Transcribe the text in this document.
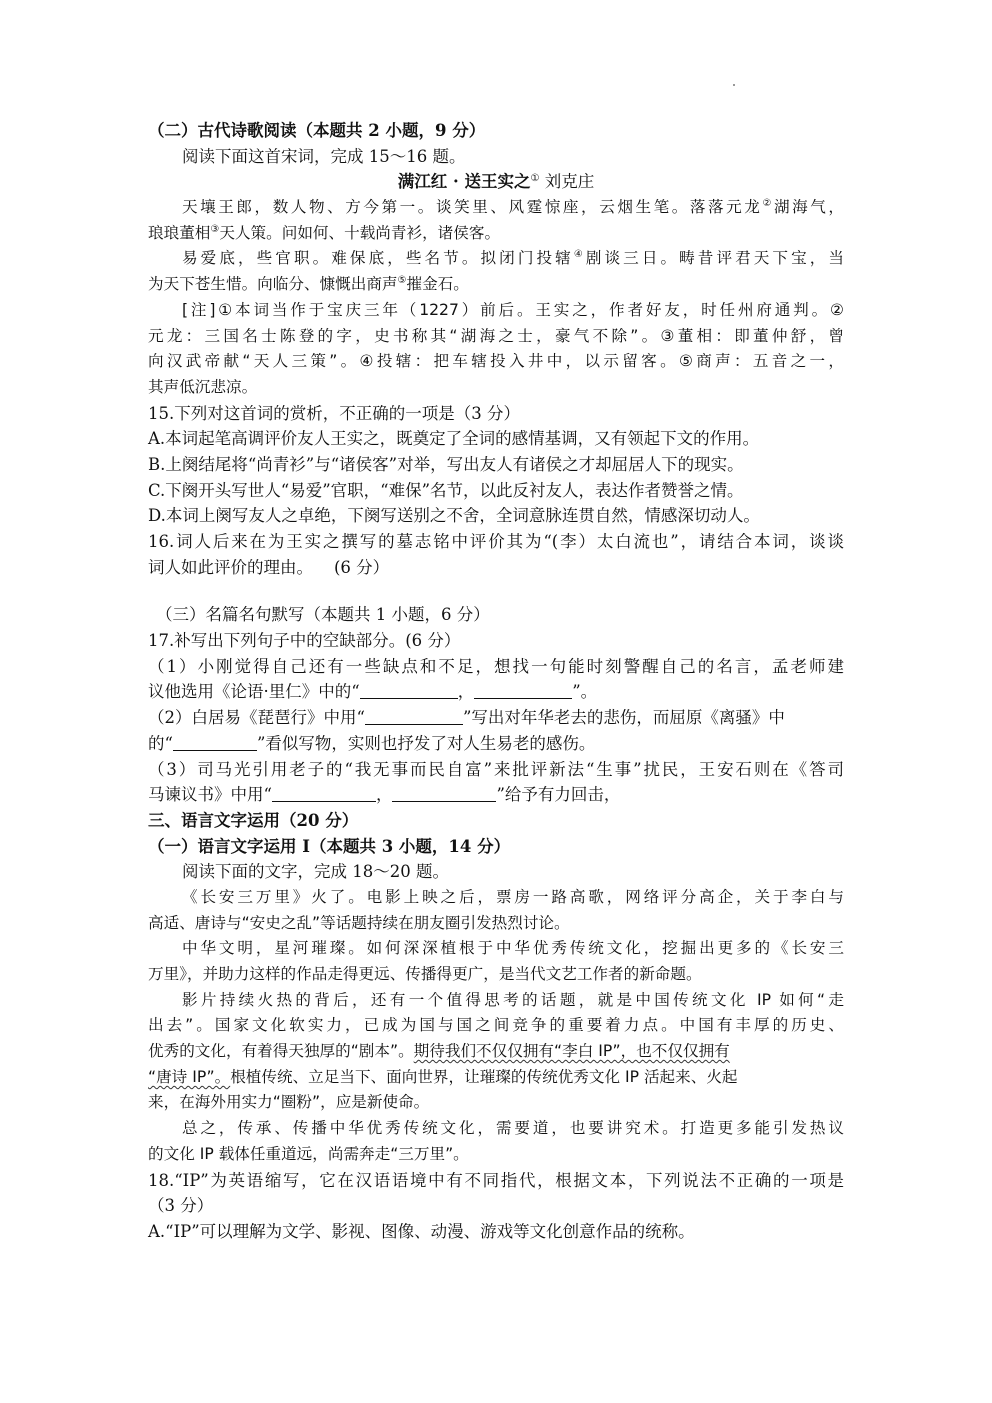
（二）古代诗歌阅读（本题共 2 小题，9 分）
阅读下面这首宋词，完成 15～16 题。
满江红 · 送王实之① 刘克庄
天壤王郎，数人物、方今第一。谈笑里、风霆惊座，云烟生笔。落落元龙②湖海气，
琅琅董相③天人策。问如何、十载尚青衫，诸侯客。
易爱底，些官职。难保底，些名节。拟闭门投辖④剧谈三日。畴昔评君天下宝，当
为天下苍生惜。向临分、慷慨出商声⑤摧金石。
[注]①本词当作于宝庆三年（1227）前后。王实之，作者好友，时任州府通判。②
元龙：三国名士陈登的字，史书称其“湖海之士，豪气不除”。③董相：即董仲舒，曾
向汉武帝献“天人三策”。④投辖：把车辖投入井中，以示留客。⑤商声：五音之一，
其声低沉悲凉。
15.下列对这首词的赏析，不正确的一项是（3 分）
A.本词起笔高调评价友人王实之，既奠定了全词的感情基调，又有领起下文的作用。
B.上阕结尾将“尚青衫”与“诸侯客”对举，写出友人有诸侯之才却屈居人下的现实。
C.下阕开头写世人“易爱”官职，“难保”名节，以此反衬友人，表达作者赞誉之情。
D.本词上阕写友人之卓绝，下阕写送别之不舍，全词意脉连贯自然，情感深切动人。
16.词人后来在为王实之撰写的墓志铭中评价其为“(李）太白流也”，请结合本词，谈谈
词人如此评价的理由。 (6 分）
（三）名篇名句默写（本题共 1 小题，6 分）
17.补写出下列句子中的空缺部分。(6 分）
（1）小刚觉得自己还有一些缺点和不足，想找一句能时刻警醒自己的名言，孟老师建
议他选用《论语·里仁》中的“	，	”。
（2）白居易《琵琶行》中用“	”写出对年华老去的悲伤，而屈原《离骚》中
的“	”看似写物，实则也抒发了对人生易老的感伤。
（3）司马光引用老子的“我无事而民自富”来批评新法“生事”扰民，王安石则在《答司
马谏议书》中用“	，	”给予有力回击，
三、语言文字运用（20 分）
（一）语言文字运用 Ⅰ（本题共 3 小题，14 分）
阅读下面的文字，完成 18～20 题。
《长安三万里》火了。电影上映之后，票房一路高歌，网络评分高企，关于李白与
高适、唐诗与“安史之乱”等话题持续在朋友圈引发热烈讨论。
中华文明，星河璀璨。如何深深植根于中华优秀传统文化，挖掘出更多的《长安三
万里》，并助力这样的作品走得更远、传播得更广，是当代文艺工作者的新命题。
影片持续火热的背后，还有一个值得思考的话题，就是中国传统文化 IP 如何“走
出去”。国家文化软实力，已成为国与国之间竞争的重要着力点。中国有丰厚的历史、
优秀的文化，有着得天独厚的“剧本”。期待我们不仅仅拥有“李白 IP”，也不仅仅拥有
“唐诗 IP”。根植传统、立足当下、面向世界，让璀璨的传统优秀文化 IP 活起来、火起
来，在海外用实力“圈粉”，应是新使命。
总之，传承、传播中华优秀传统文化，需要道，也要讲究术。打造更多能引发热议
的文化 IP 载体任重道远，尚需奔走“三万里”。
18.“IP”为英语缩写，它在汉语语境中有不同指代，根据文本，下列说法不正确的一项是
（3 分）
A.“IP”可以理解为文学、影视、图像、动漫、游戏等文化创意作品的统称。
